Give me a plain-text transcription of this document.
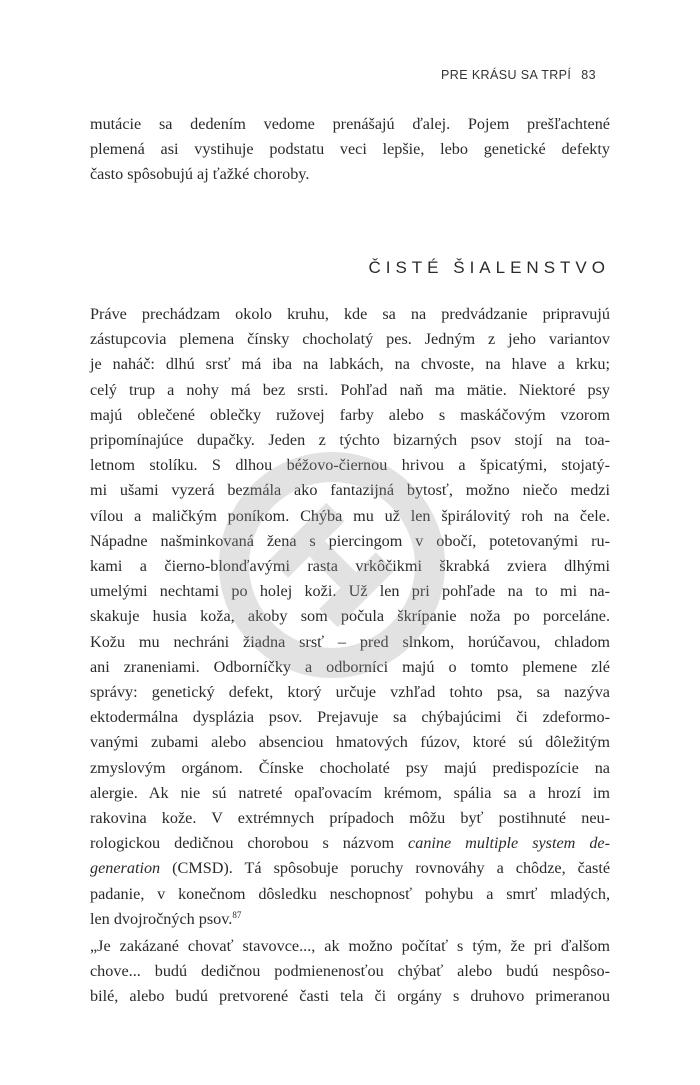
PRE KRÁSU SA TRPÍ 83

mutácie sa dedením vedome prenášajú ďalej. Pojem prešľachtené
plemená asi vystihuje podstatu veci lepšie, lebo genetické defekty
často spôsobujú aj ťažké choroby.

ČISTÉ ŠIALENSTVO

Práve prechádzam okolo kruhu, kde sa na predvádzanie pripravujú
zástupcovia plemena čínsky chocholatý pes. Jedným z jeho variantov
je naháč: dlhú srsť má iba na labkách, na chvoste, na hlave a krku;
celý trup a nohy má bez srsti. Pohľad naň ma mätie. Niektoré psy
majú oblečené oblečky ružovej farby alebo s maskáčovým vzorom
pripomínajúce dupačky. Jeden z týchto bizarných psov stojí na toa-
letnom stolíku. S dlhou béžovo-čiernou hrivou a špicatými, stojatý-
mi ušami vyzerá bezmála ako fantazijná bytosť, možno niečo medzi
vílou a maličkým poníkom. Chýba mu už len špirálovitý roh na čele.
Nápadne našminkovaná žena s piercingom v obočí, potetovanými ru-
kami a čierno-blonďavými rasta vrkôčikmi škrabká zviera dlhými
umelými nechtami po holej koži. Už len pri pohľade na to mi na-
skakuje husia koža, akoby som počula škrípanie noža po porceláne.
Kožu mu nechráni žiadna srsť – pred slnkom, horúčavou, chladom
ani zraneniami. Odborníčky a odborníci majú o tomto plemene zlé
správy: genetický defekt, ktorý určuje vzhľad tohto psa, sa nazýva
ektodermálna dysplázia psov. Prejavuje sa chýbajúcimi či zdeformo-
vanými zubami alebo absenciou hmatových fúzov, ktoré sú dôležitým
zmyslovým orgánom. Čínske chocholaté psy majú predispozície na
alergie. Ak nie sú natreté opaľovacím krémom, spália sa a hrozí im
rakovina kože. V extrémnych prípadoch môžu byť postihnuté neu-
rologickou dedičnou chorobou s názvom canine multiple system de-
generation (CMSD). Tá spôsobuje poruchy rovnováhy a chôdze, časté
padanie, v konečnom dôsledku neschopnosť pohybu a smrť mladých,
len dvojročných psov.$^{87}$

„Je zakázané chovať stavovce..., ak možno počítať s tým, že pri ďalšom
chove... budú dedičnou podmienenosťou chýbať alebo budú nespôso-
bilé, alebo budú pretvorené časti tela či orgány s druhovo primeranou
